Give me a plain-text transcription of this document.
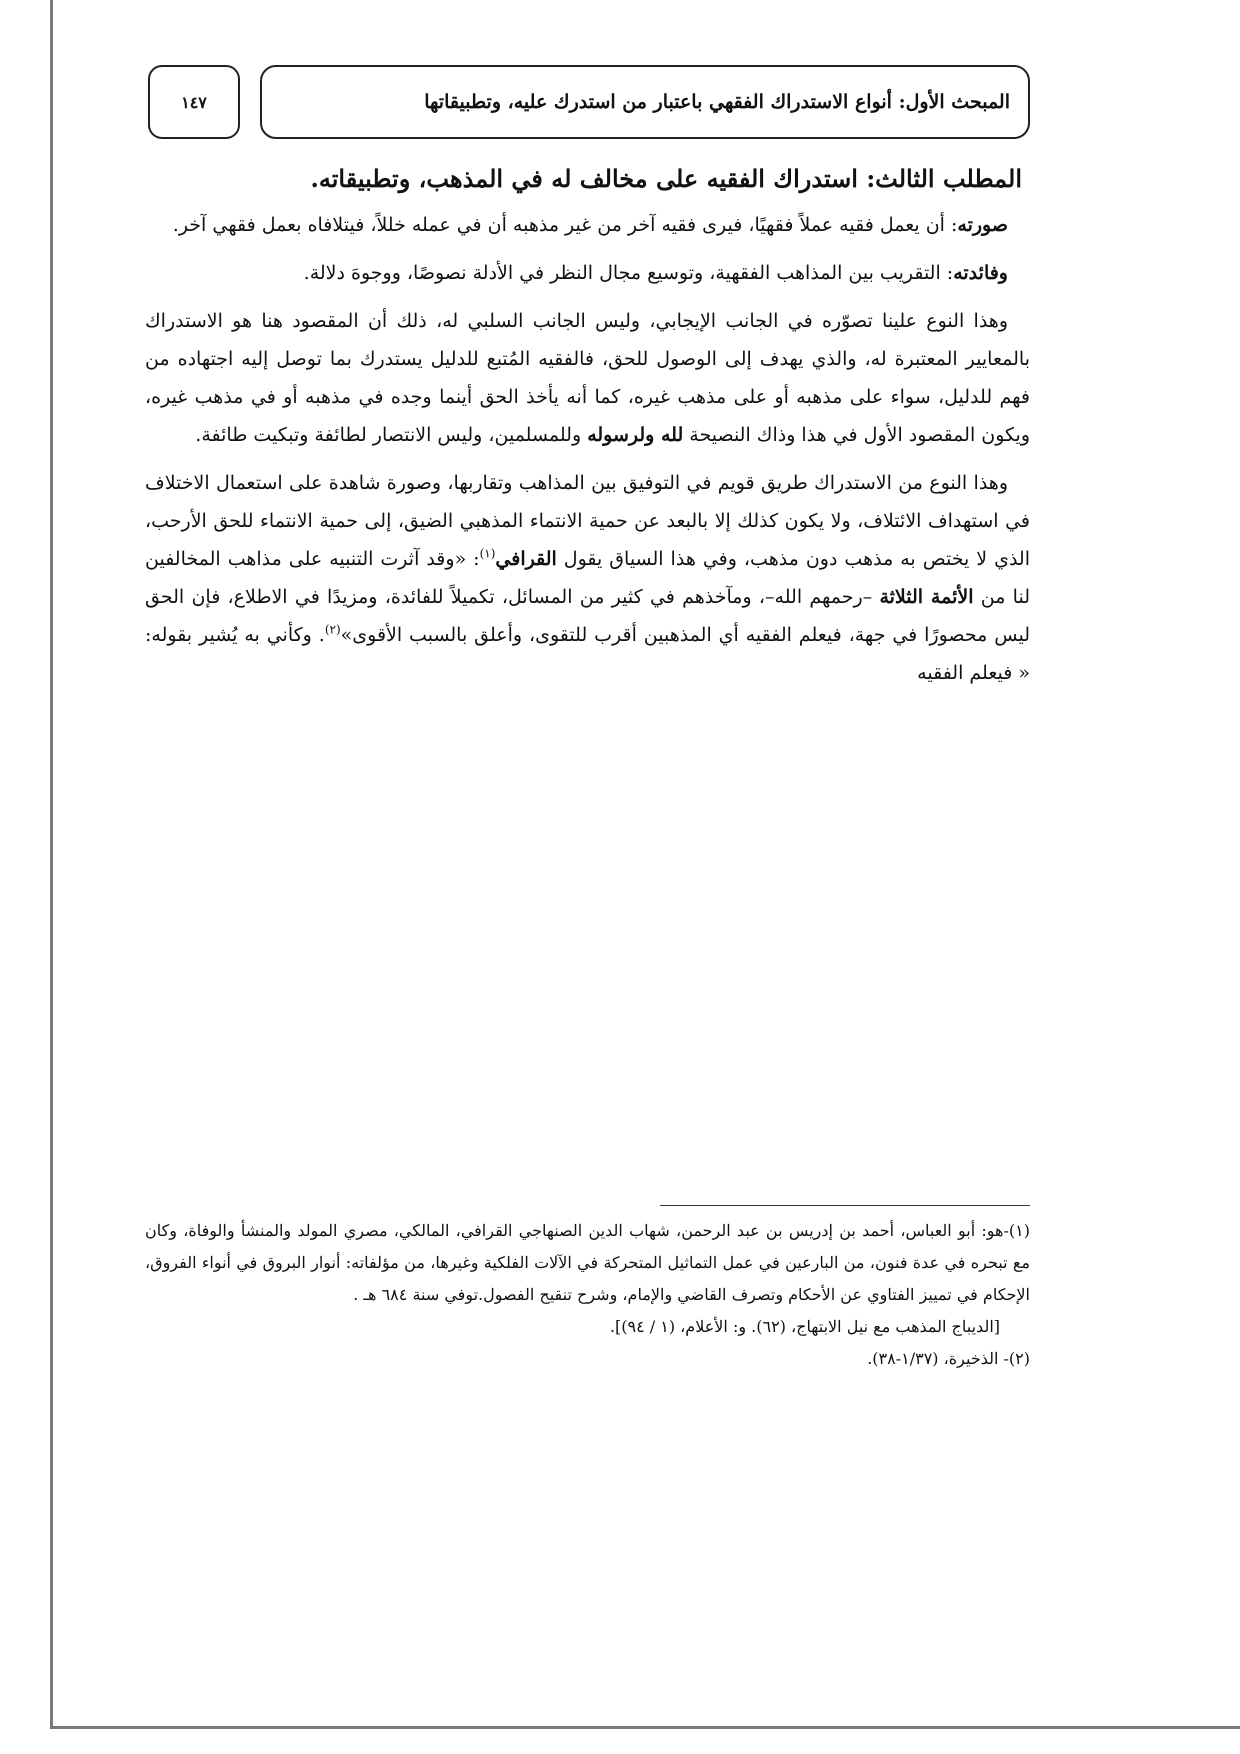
١٤٧	المبحث الأول: أنواع الاستدراك الفقهي باعتبار من استدرك عليه، وتطبيقاتها
المطلب الثالث: استدراك الفقيه على مخالف له في المذهب، وتطبيقاته.

صورته: أن يعمل فقيه عملاً فقهيًا، فيرى فقيه آخر من غير مذهبه أن في عمله خللاً، فيتلافاه بعمل فقهي آخر.

وفائدته: التقريب بين المذاهب الفقهية، وتوسيع مجال النظر في الأدلة نصوصًا، ووجوهَ دلالة.

وهذا النوع علينا تصوّره في الجانب الإيجابي، وليس الجانب السلبي له، ذلك أن المقصود هنا هو الاستدراك بالمعايير المعتبرة له، والذي يهدف إلى الوصول للحق، فالفقيه المُتبع للدليل يستدرك بما توصل إليه اجتهاده من فهم للدليل، سواء على مذهبه أو على مذهب غيره، كما أنه يأخذ الحق أينما وجده في مذهبه أو في مذهب غيره، ويكون المقصود الأول في هذا وذاك النصيحة لله ولرسوله وللمسلمين، وليس الانتصار لطائفة وتبكيت طائفة.

وهذا النوع من الاستدراك طريق قويم في التوفيق بين المذاهب وتقاربها، وصورة شاهدة على استعمال الاختلاف في استهداف الائتلاف، ولا يكون كذلك إلا بالبعد عن حمية الانتماء المذهبي الضيق، إلى حمية الانتماء للحق الأرحب، الذي لا يختص به مذهب دون مذهب، وفي هذا السياق يقول القرافي$^{(١)}$: «وقد آثرت التنبيه على مذاهب المخالفين لنا من الأئمة الثلاثة –رحمهم الله–، ومآخذهم في كثير من المسائل، تكميلاً للفائدة، ومزيدًا في الاطلاع، فإن الحق ليس محصورًا في جهة، فيعلم الفقيه أي المذهبين أقرب للتقوى، وأعلق بالسبب الأقوى»$^{(٢)}$. وكأني به يُشير بقوله: « فيعلم الفقيه

(١)-هو: أبو العباس، أحمد بن إدريس بن عبد الرحمن، شهاب الدين الصنهاجي القرافي، المالكي، مصري المولد والمنشأ والوفاة، وكان مع تبحره في عدة فنون، من البارعين في عمل التماثيل المتحركة في الآلات الفلكية وغيرها، من مؤلفاته: أنوار البروق في أنواء الفروق، الإحكام في تمييز الفتاوي عن الأحكام وتصرف القاضي والإمام، وشرح تنقيح الفصول.توفي سنة ٦٨٤ هـ .

[الديباج المذهب مع نيل الابتهاج، (٦٢). و: الأعلام، (١ / ٩٤)].

(٢)- الذخيرة، (١/٣٧-٣٨).
